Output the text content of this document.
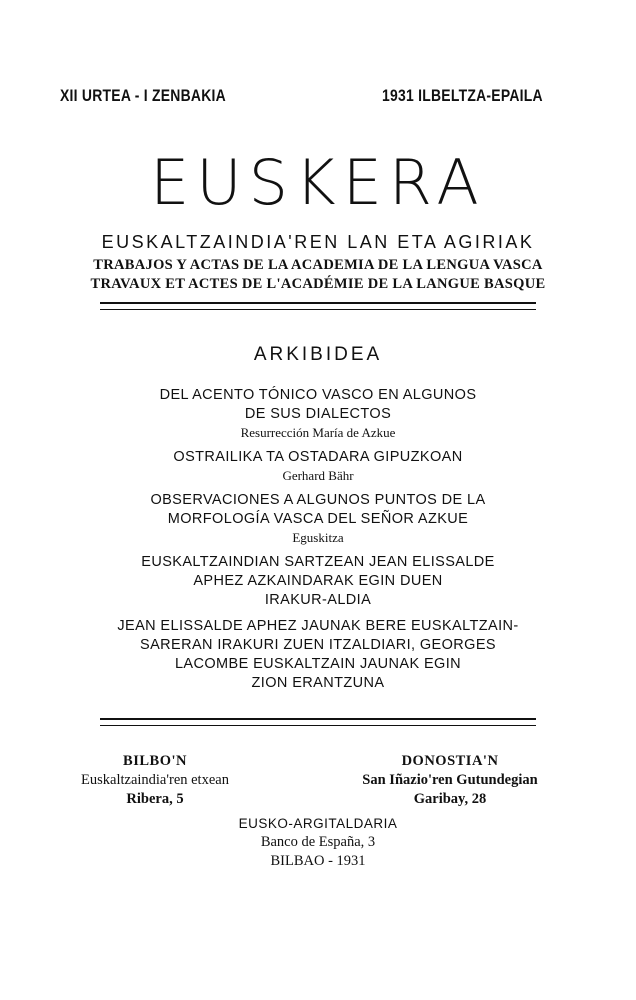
XII URTEA - I ZENBAKIA	1931 ILBELTZA-EPAILA
EUSKERA
EUSKALTZAINDIA'REN LAN ETA AGIRIAK
TRABAJOS Y ACTAS DE LA ACADEMIA DE LA LENGUA VASCA
TRAVAUX ET ACTES DE L'ACADÉMIE DE LA LANGUE BASQUE
ARKIBIDEA
DEL ACENTO TÓNICO VASCO EN ALGUNOS
DE SUS DIALECTOS
Resurrección María de Azkue
OSTRAILIKA TA OSTADARA GIPUZKOAN
Gerhard Bähr
OBSERVACIONES A ALGUNOS PUNTOS DE LA
MORFOLOGÍA VASCA DEL SEÑOR AZKUE
Eguskitza
EUSKALTZAINDIAN SARTZEAN JEAN ELISSALDE
APHEZ AZKAINDARAK EGIN DUEN
IRAKUR-ALDIA
JEAN ELISSALDE APHEZ JAUNAK BERE EUSKALTZAIN-
SARERAN IRAKURI ZUEN ITZALDIARI, GEORGES
LACOMBE EUSKALTZAIN JAUNAK EGIN
ZION ERANTZUNA
BILBO'N
Euskaltzaindia'ren etxean
Ribera, 5
DONOSTIA'N
San Iñazio'ren Gutundegian
Garibay, 28
EUSKO-ARGITALDARIA
Banco de España, 3
BILBAO - 1931
